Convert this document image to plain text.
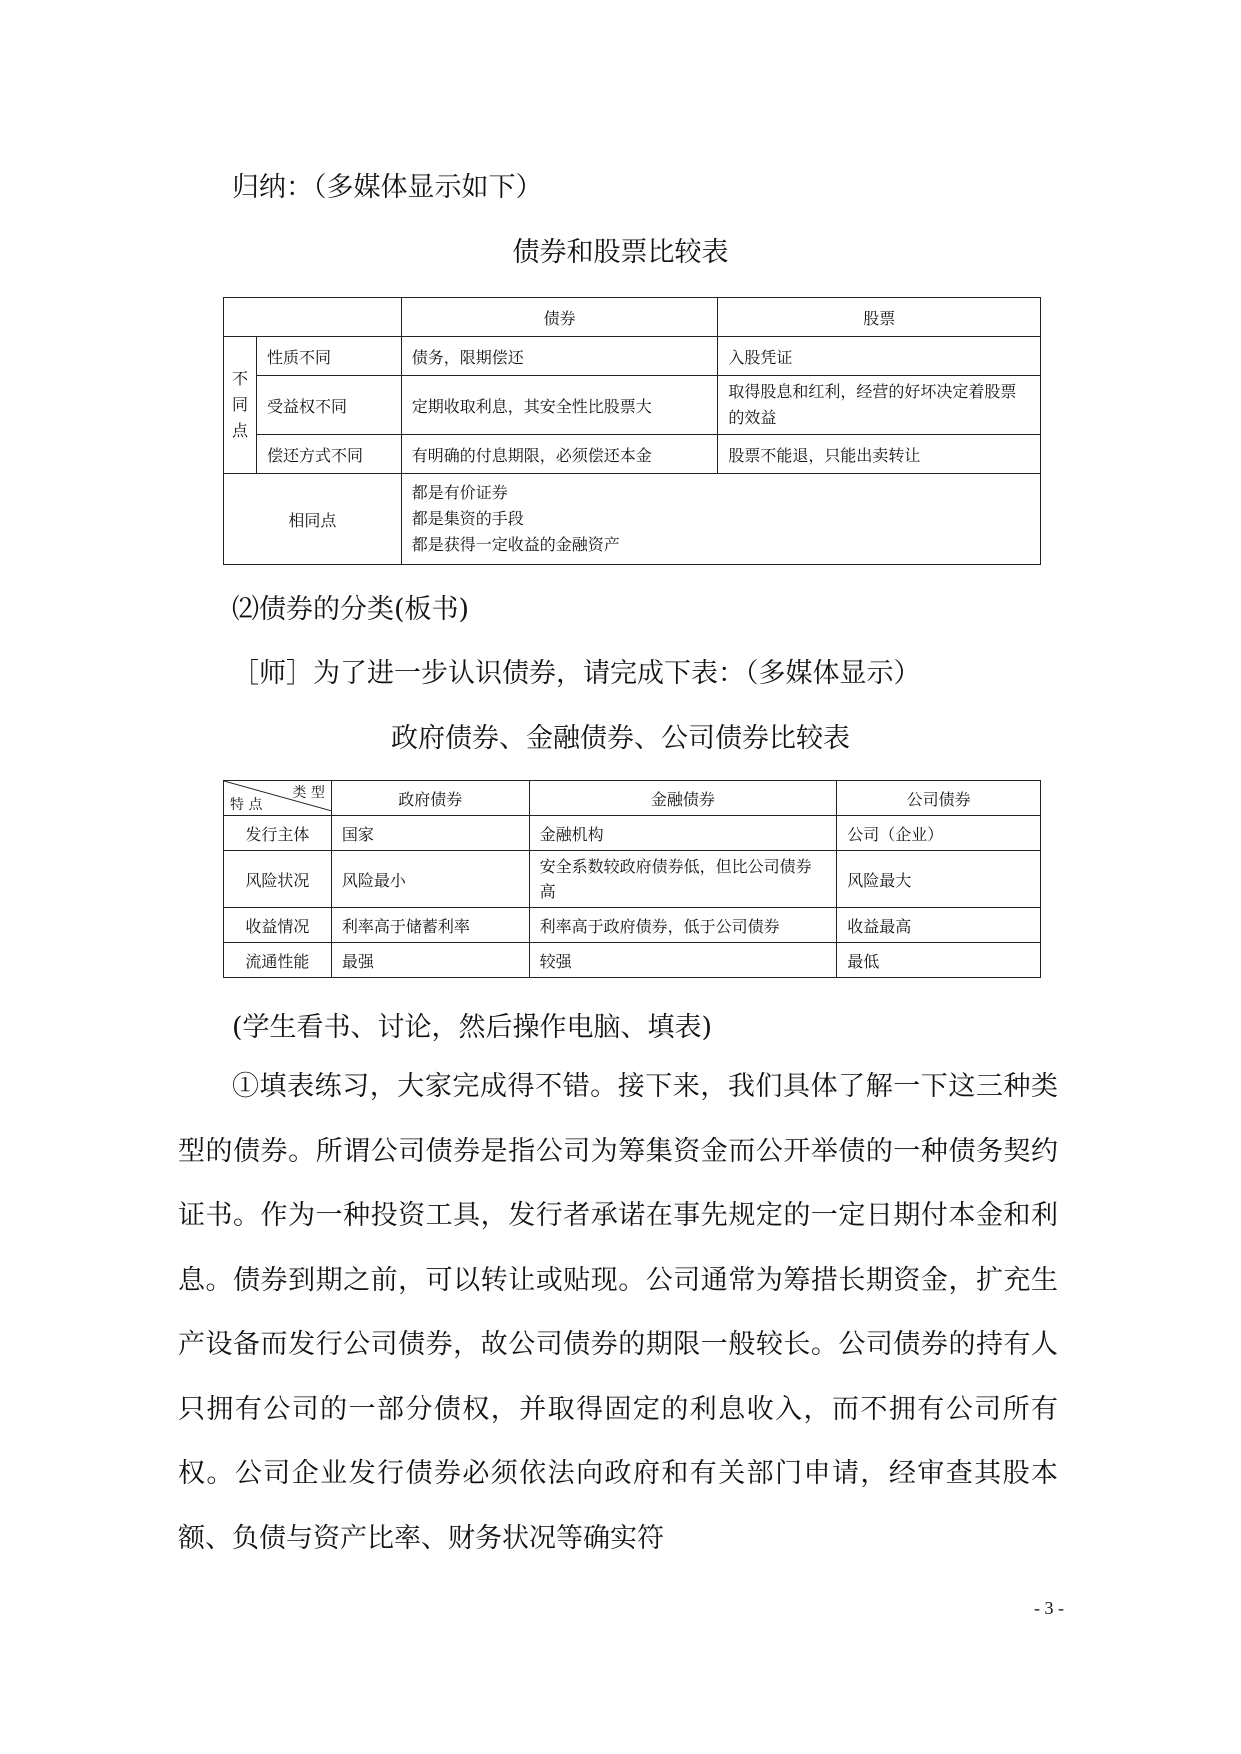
归纳：（多媒体显示如下）
债券和股票比较表
		债券	股票
不
同
点	性质不同	债务，限期偿还	入股凭证
	受益权不同	定期收取利息，其安全性比股票大	取得股息和红利，经营的好坏决定着股票的效益
	偿还方式不同	有明确的付息期限，必须偿还本金	股票不能退，只能出卖转让
相同点		都是有价证券
都是集资的手段
都是获得一定收益的金融资产	
⑵债券的分类(板书)
［师］为了进一步认识债券，请完成下表：（多媒体显示）
政府债券、金融债券、公司债券比较表
类 型
特 点	政府债券	金融债券	公司债券
发行主体	国家	金融机构	公司（企业）
风险状况	风险最小	安全系数较政府债券低，但比公司债券高	风险最大
收益情况	利率高于储蓄利率	利率高于政府债券，低于公司债券	收益最高
流通性能	最强	较强	最低
(学生看书、讨论，然后操作电脑、填表)
①填表练习，大家完成得不错。接下来，我们具体了解一下这三种类型的债券。所谓公司债券是指公司为筹集资金而公开举债的一种债务契约证书。作为一种投资工具，发行者承诺在事先规定的一定日期付本金和利息。债券到期之前，可以转让或贴现。公司通常为筹措长期资金，扩充生产设备而发行公司债券，故公司债券的期限一般较长。公司债券的持有人只拥有公司的一部分债权，并取得固定的利息收入，而不拥有公司所有权。公司企业发行债券必须依法向政府和有关部门申请，经审查其股本额、负债与资产比率、财务状况等确实符
- 3 -
